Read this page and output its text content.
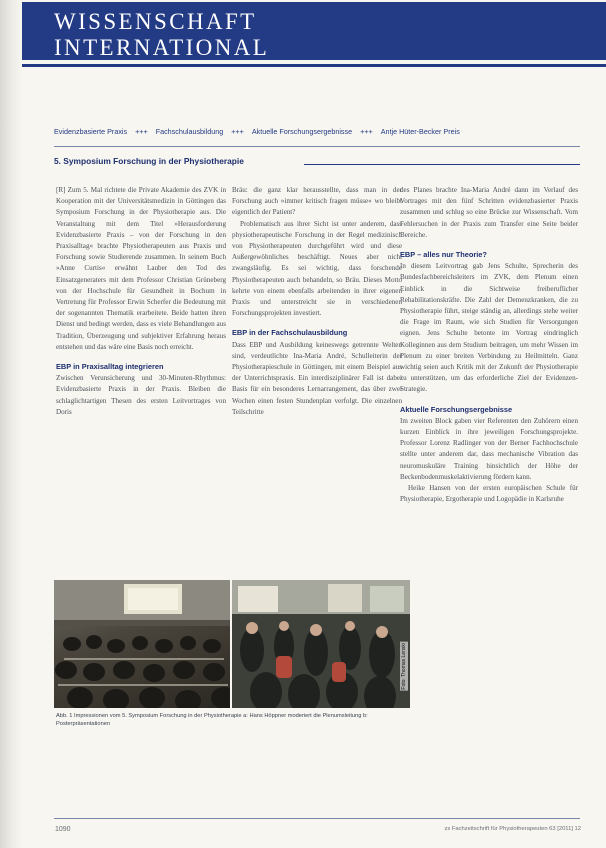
WISSENSCHAFT
INTERNATIONAL
Evidenzbasierte Praxis +++ Fachschulausbildung +++ Aktuelle Forschungsergebnisse +++ Antje Hüter-Becker Preis
5. Symposium Forschung in der Physiotherapie

[R] Zum 5. Mal richtete die Private Akademie des ZVK in Kooperation mit der Universitätsmedizin in Göttingen das Symposium Forschung in der Physiotherapie aus. Die Veranstaltung mit dem Titel »Herausforderung Evidenzbasierte Praxis – von der Forschung in den Praxisalltag« brachte Physiotherapeuten aus Praxis und Forschung sowie Studierende zusammen. In seinem Buch »Anne Curtis« erwähnt Lauber den Tod des Einsatzgeneraters mit dem Professor Christian Grüneberg von der Hochschule für Gesundheit in Bochum in Vertretung für Professor Erwin Scherfer die Bedeutung mit der sogenannten Thematik erarbeitete. Beide hatten ihren Dienst und bedingt werden, dass es viele Behandlungen aus Tradition, Überzeugung und subjektiver Erfahrung heraus entstehen und das wäre eine Basis noch erreicht.

EBP in Praxisalltag integrieren

Zwischen Verunsicherung und 30-Minuten-Rhythmus: Evidenzbasierte Praxis in der Praxis. Bleiben die schlaglichtartigen Thesen des ersten Leitvortrages von Doris

Bräu: die ganz klar herausstellte, dass man in der Forschung auch »immer kritisch fragen müsse« wo bleibt eigentlich der Patient?

Problematisch aus ihrer Sicht ist unter anderem, dass physiotherapeutische Forschung in der Regel medizinisch von Physiotherapeuten durchgeführt wird und diese Außergewöhnliches beschäftigt. Neues aber nicht zwangsläufig. Es sei wichtig, dass forschende Physiotherapeuten auch behandeln, so Bräu. Dieses Motto kehrte von einem ebenfalls arbeitenden in ihrer eigenen Praxis und unterstreicht sie in verschiedenen Forschungsprojekten investiert.

EBP in der Fachschulausbildung

Dass EBP und Ausbildung keineswegs getrennte Welten sind, verdeutlichte Ina-Maria André, Schulleiterin der Physiotherapieschule in Göttingen, mit einem Beispiel aus der Unterrichtspraxis. Ein interdisziplinärer Fall ist dabei Basis für ein besonderes Lernarrangement, das über zwei Wochen einen festen Stundenplan verfolgt. Die einzelnen Teilschritte

des Planes brachte Ina-Maria André dann im Verlauf des Vortrages mit den fünf Schritten evidenzbasierter Praxis zusammen und schlug so eine Brücke zur Wissenschaft. Vom Fehlersuchen in der Praxis zum Transfer eine Seite beider Bereiche.

EBP – alles nur Theorie?

In diesem Leitvortrag gab Jens Schulte, Sprecherin des Bundesfachbereichsleiters im ZVK, dem Plenum einen Einblick in die Sichtweise freiberuflicher Rehabilitationskräfte. Die Zahl der Demenzkranken, die zu Physiotherapie führt, steige ständig an, allerdings stehe weiter die Frage im Raum, wie sich Studien für Versorgungen eignen. Jens Schulte betonte im Vortrag eindringlich Kolleginnen aus dem Studium beitragen, um mehr Wissen im Plenum zu einer breiten Verbindung zu Heilmitteln. Ganz wichtig seien auch Kritik mit der Zukunft der Physiotherapie zu unterstützen, um das erforderliche Ziel der Evidenzen-Strategie.

Aktuelle Forschungsergebnisse

Im zweiten Block gaben vier Referenten den Zuhörern einen kurzen Einblick in ihre jeweiligen Forschungsprojekte. Professor Lorenz Radlinger von der Berner Fachhochschule stellte unter anderem dar, dass mechanische Vibration das neuromuskuläre Training hinsichtlich der Höhe der Beckenbodenmuskelaktivierung fördern kann.

Heike Hansen von der ersten europäischen Schule für Physiotherapie, Ergotherapie und Logopädie in Karlsruhe

Foto: Thomas Lenski
Abb. 1 Impressionen vom 5. Symposium Forschung in der Physiotherapie a: Hans Höppner moderiert die Plenumsleitung b: Posterpräsentationen
1090	zs Fachzeitschrift für Physiotherapeuten 63 [2011] 12
